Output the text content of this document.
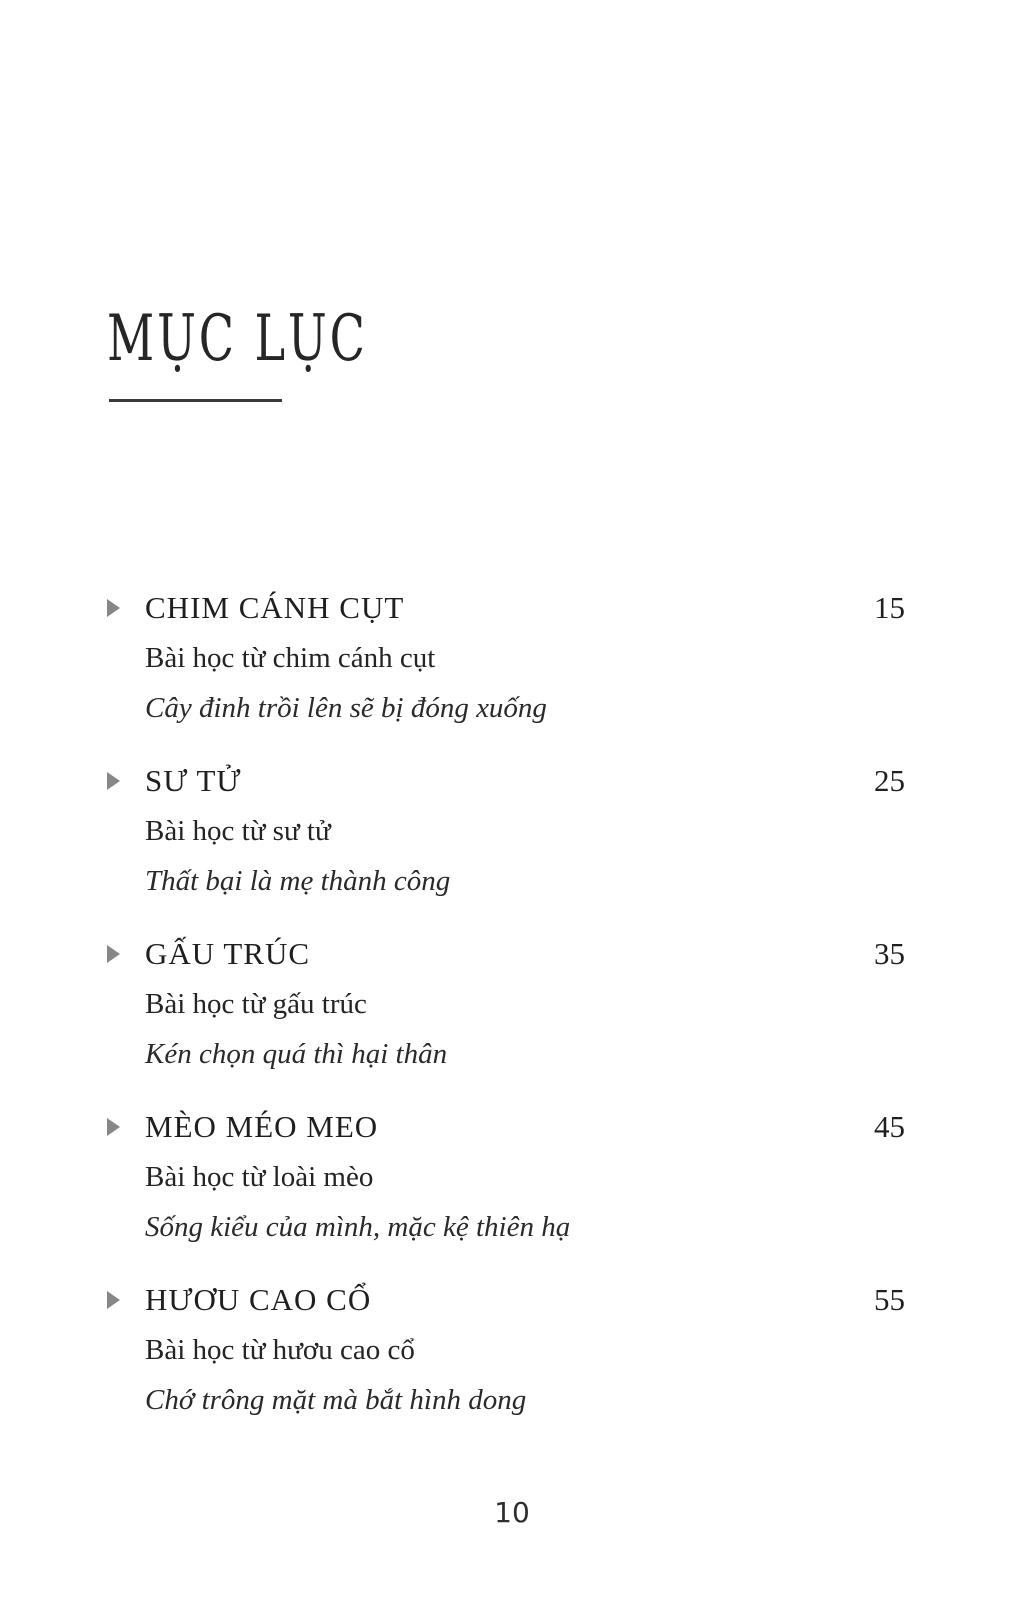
MỤC LỤC
CHIM CÁNH CỤT	15
Bài học từ chim cánh cụt
Cây đinh trồi lên sẽ bị đóng xuống
SƯ TỬ	25
Bài học từ sư tử
Thất bại là mẹ thành công
GẤU TRÚC	35
Bài học từ gấu trúc
Kén chọn quá thì hại thân
MÈO MÉO MEO	45
Bài học từ loài mèo
Sống kiểu của mình, mặc kệ thiên hạ
HƯƠU CAO CỔ	55
Bài học từ hươu cao cổ
Chớ trông mặt mà bắt hình dong
10
